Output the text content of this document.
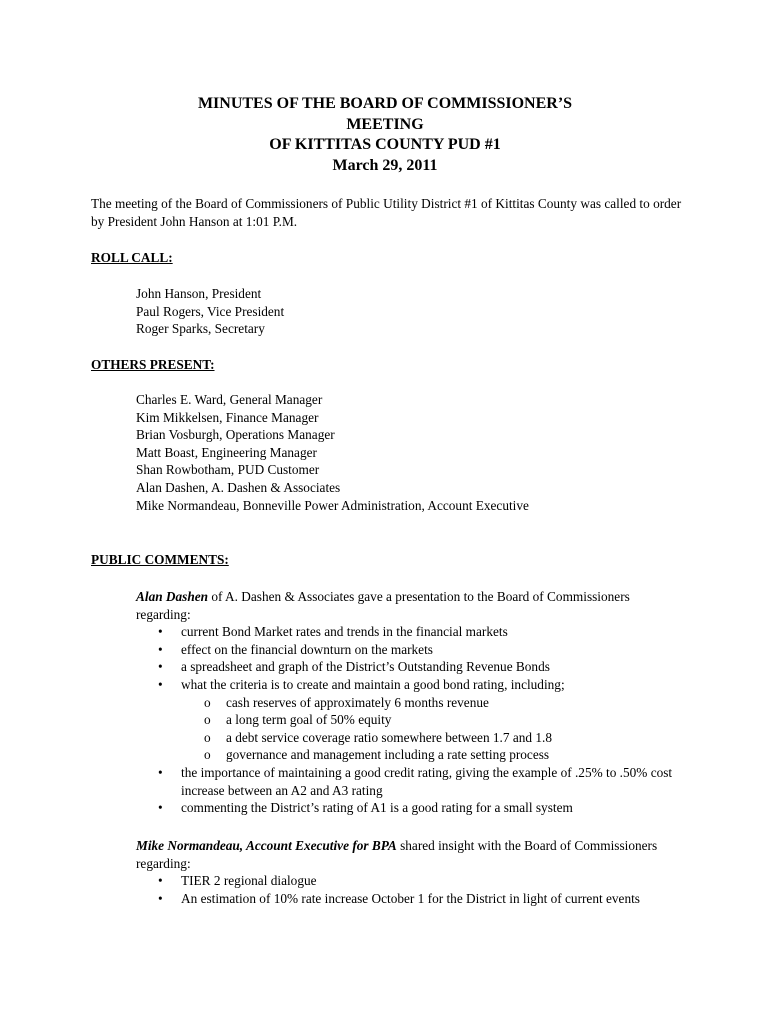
MINUTES OF THE BOARD OF COMMISSIONER’S
MEETING
OF KITTITAS COUNTY PUD #1
March 29, 2011
The meeting of the Board of Commissioners of Public Utility District #1 of Kittitas County was called to order by President John Hanson at 1:01 P.M.
ROLL CALL:
John Hanson, President
Paul Rogers, Vice President
Roger Sparks, Secretary
OTHERS PRESENT:
Charles E. Ward, General Manager
Kim Mikkelsen, Finance Manager
Brian Vosburgh, Operations Manager
Matt Boast, Engineering Manager
Shan Rowbotham, PUD Customer
Alan Dashen, A. Dashen & Associates
Mike Normandeau, Bonneville Power Administration, Account Executive
PUBLIC COMMENTS:
Alan Dashen of A. Dashen & Associates gave a presentation to the Board of Commissioners regarding:
• current Bond Market rates and trends in the financial markets
• effect on the financial downturn on the markets
• a spreadsheet and graph of the District’s Outstanding Revenue Bonds
• what the criteria is to create and maintain a good bond rating, including;
o cash reserves of approximately 6 months revenue
o a long term goal of 50% equity
o a debt service coverage ratio somewhere between 1.7 and 1.8
o governance and management including a rate setting process
• the importance of maintaining a good credit rating, giving the example of .25% to .50% cost increase between an A2 and A3 rating
• commenting the District’s rating of A1 is a good rating for a small system
Mike Normandeau, Account Executive for BPA shared insight with the Board of Commissioners regarding:
• TIER 2 regional dialogue
• An estimation of 10% rate increase October 1 for the District in light of current events
